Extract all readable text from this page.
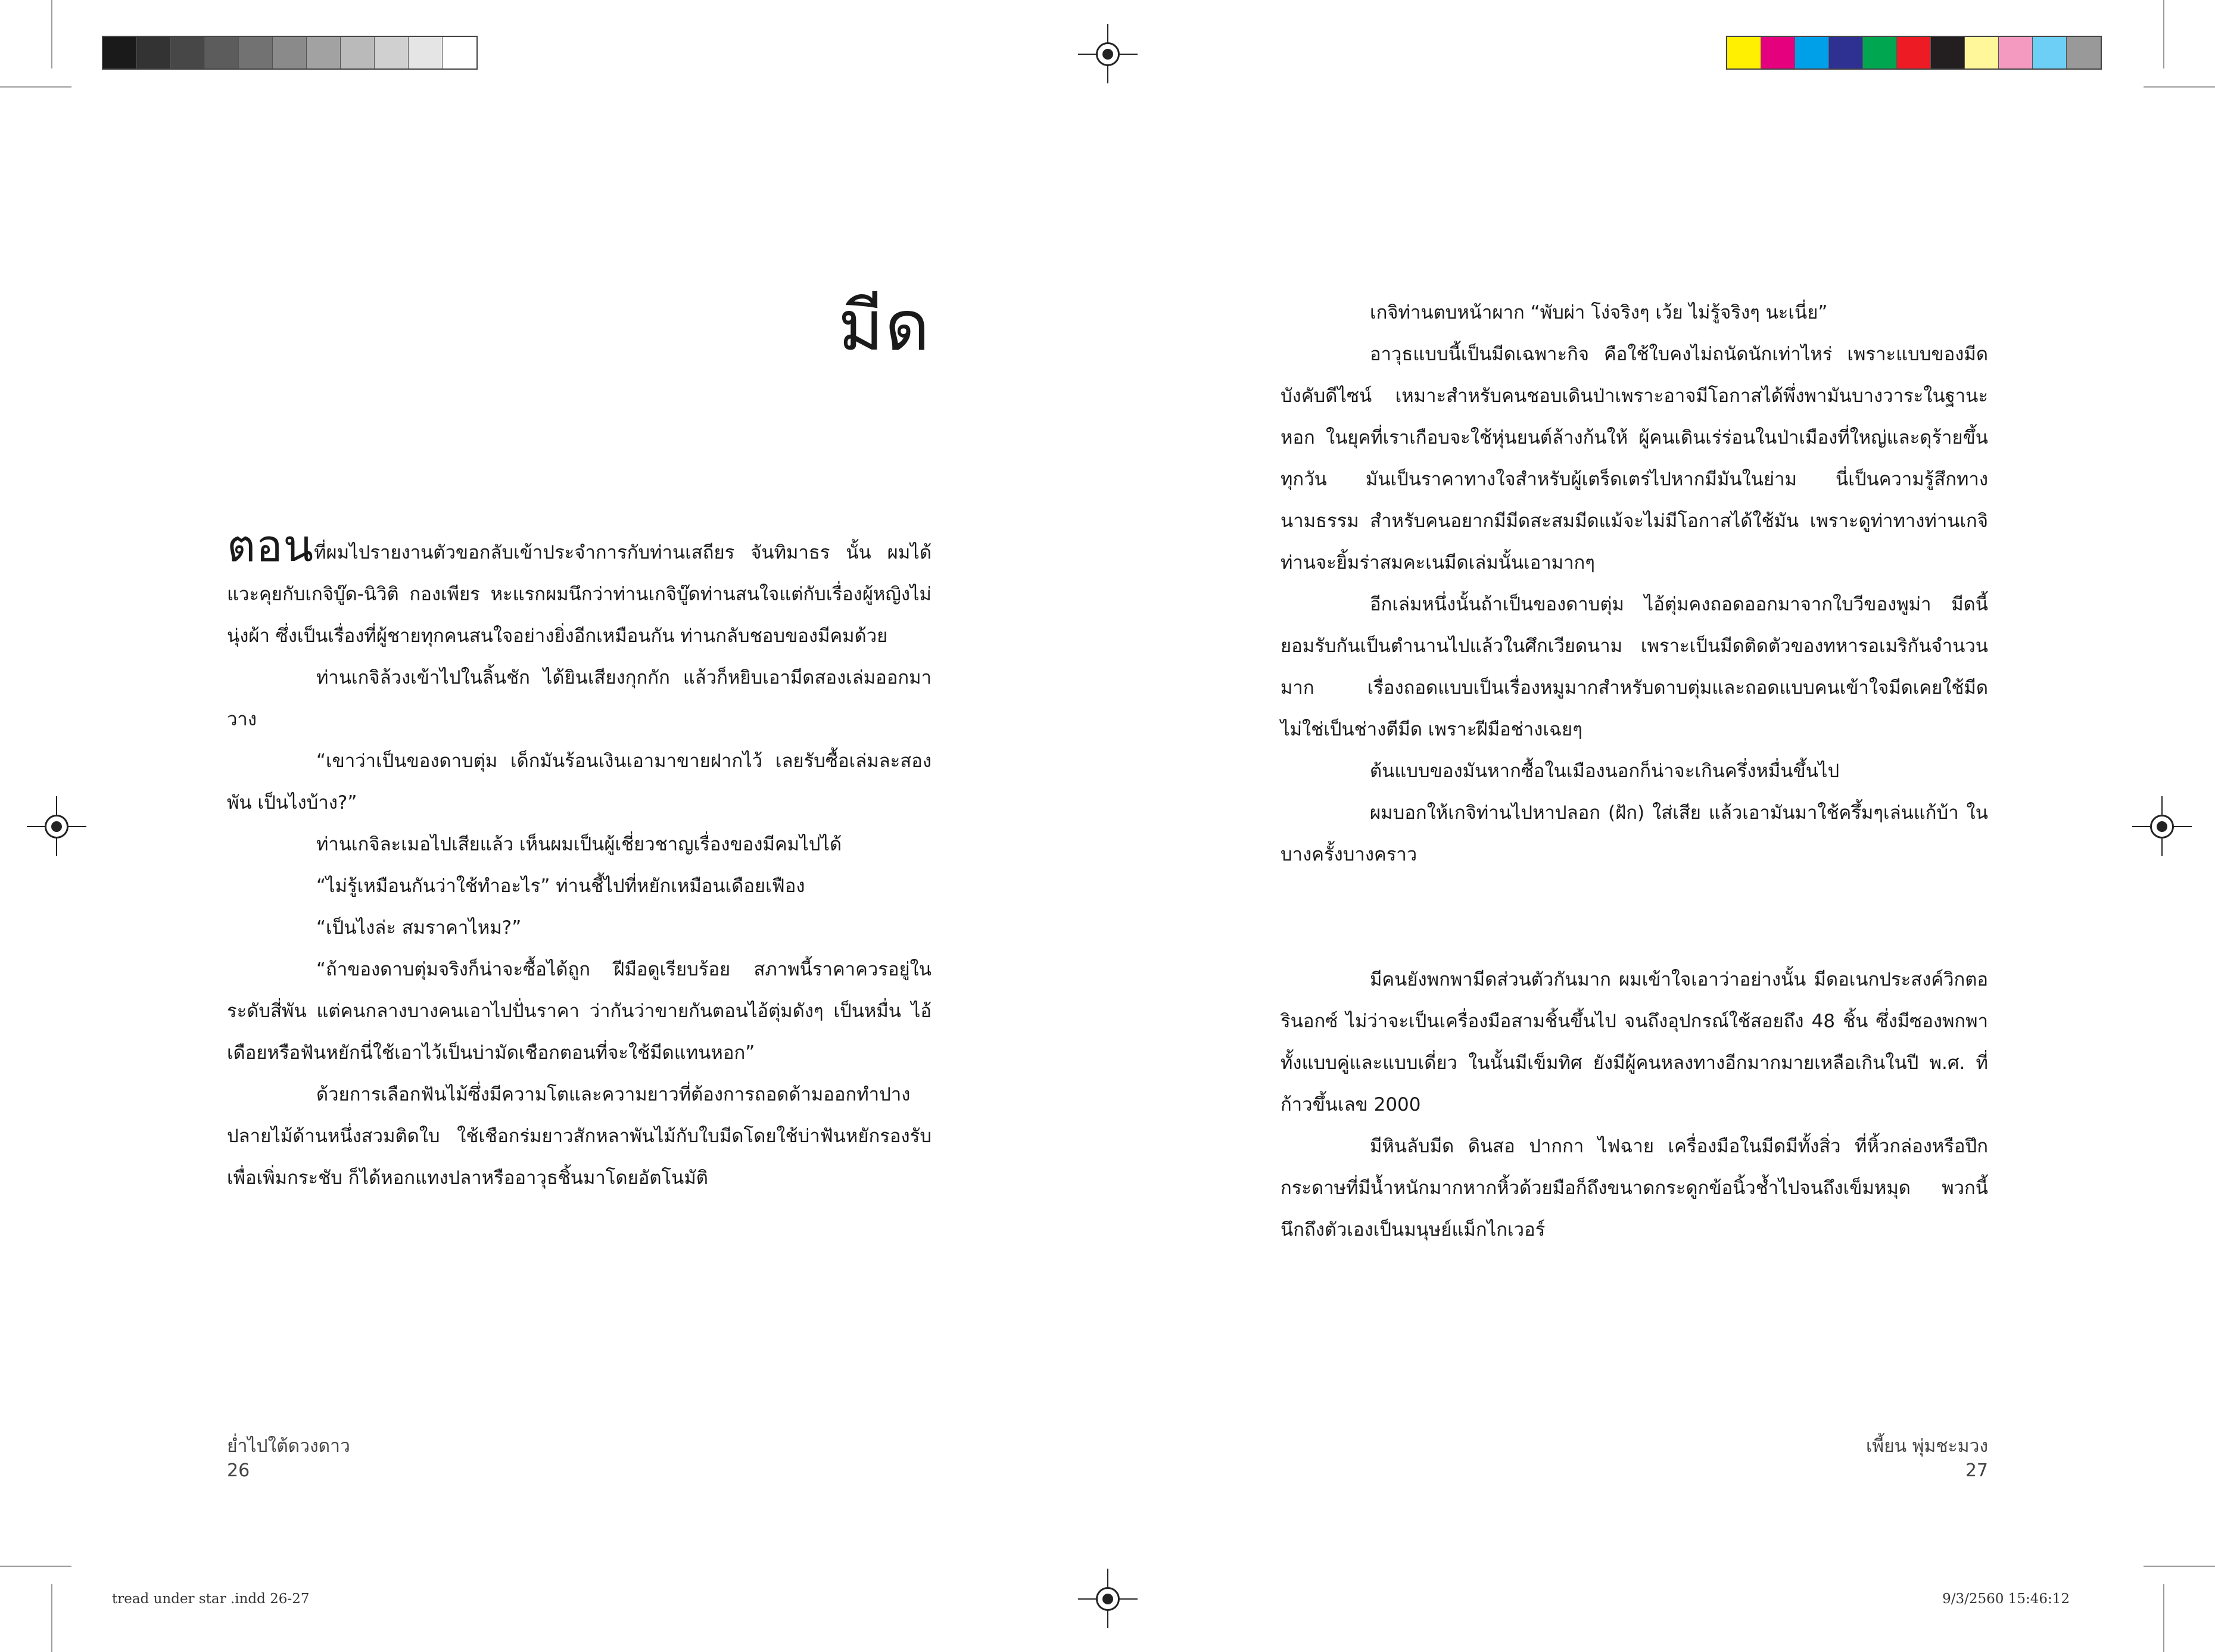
มีด

ตอนที่ผมไปรายงานตัวขอกลับเข้าประจำการกับท่านเสถียร จันทิมาธร นั้น ผมได้แวะคุยกับเกจิบู๊ด-นิวิติ กองเพียร หะแรกผมนึกว่าท่านเกจิบู๊ดท่านสนใจแต่กับเรื่องผู้หญิงไม่นุ่งผ้า ซึ่งเป็นเรื่องที่ผู้ชายทุกคนสนใจอย่างยิ่งอีกเหมือนกัน ท่านกลับชอบของมีคมด้วย

ท่านเกจิล้วงเข้าไปในลิ้นชัก ได้ยินเสียงกุกกัก แล้วก็หยิบเอามีดสองเล่มออกมาวาง

“เขาว่าเป็นของดาบตุ่ม เด็กมันร้อนเงินเอามาขายฝากไว้ เลยรับซื้อเล่มละสองพัน เป็นไงบ้าง?”

ท่านเกจิละเมอไปเสียแล้ว เห็นผมเป็นผู้เชี่ยวชาญเรื่องของมีคมไปได้

“ไม่รู้เหมือนกันว่าใช้ทำอะไร” ท่านชี้ไปที่หยักเหมือนเดือยเฟือง

“เป็นไงล่ะ สมราคาไหม?”

“ถ้าของดาบตุ่มจริงก็น่าจะซื้อได้ถูก ฝีมือดูเรียบร้อย สภาพนี้ราคาควรอยู่ในระดับสี่พัน แต่คนกลางบางคนเอาไปปั่นราคา ว่ากันว่าขายกันตอนไอ้ตุ่มดังๆ เป็นหมื่น ไอ้เดือยหรือฟันหยักนี่ใช้เอาไว้เป็นบ่ามัดเชือกตอนที่จะใช้มีดแทนหอก”

ด้วยการเลือกฟันไม้ซึ่งมีความโตและความยาวที่ต้องการถอดด้ามออกทำปางปลายไม้ด้านหนึ่งสวมติดใบ ใช้เชือกร่มยาวสักหลาพันไม้กับใบมีดโดยใช้บ่าฟันหยักรองรับเพื่อเพิ่มกระชับ ก็ได้หอกแทงปลาหรืออาวุธชิ้นมาโดยอัตโนมัติ

ย่ำไปใต้ดวงดาว
26

เกจิท่านตบหน้าผาก “พับผ่า โง่จริงๆ เว้ย ไม่รู้จริงๆ นะเนี่ย”

อาวุธแบบนี้เป็นมีดเฉพาะกิจ คือใช้ใบคงไม่ถนัดนักเท่าไหร่ เพราะแบบของมีดบังคับดีไซน์ เหมาะสำหรับคนชอบเดินป่าเพราะอาจมีโอกาสได้พึ่งพามันบางวาระในฐานะหอก ในยุคที่เราเกือบจะใช้หุ่นยนต์ล้างก้นให้ ผู้คนเดินเร่ร่อนในป่าเมืองที่ใหญ่และดุร้ายขึ้นทุกวัน มันเป็นราคาทางใจสำหรับผู้เตร็ดเตร่ไปหากมีมันในย่าม นี่เป็นความรู้สึกทางนามธรรม สำหรับคนอยากมีมีดสะสมมีดแม้จะไม่มีโอกาสได้ใช้มัน เพราะดูท่าทางท่านเกจิท่านจะยิ้มร่าสมคะเนมีดเล่มนั้นเอามากๆ

อีกเล่มหนึ่งนั้นถ้าเป็นของดาบตุ่ม ไอ้ตุ่มคงถอดออกมาจากใบวีของพูม่า มีดนี้ยอมรับกันเป็นตำนานไปแล้วในศึกเวียดนาม เพราะเป็นมีดติดตัวของทหารอเมริกันจำนวนมาก เรื่องถอดแบบเป็นเรื่องหมูมากสำหรับดาบตุ่มและถอดแบบคนเข้าใจมีดเคยใช้มีด ไม่ใช่เป็นช่างตีมีด เพราะฝีมือช่างเฉยๆ

ต้นแบบของมันหากซื้อในเมืองนอกก็น่าจะเกินครึ่งหมื่นขึ้นไป

ผมบอกให้เกจิท่านไปหาปลอก (ฝัก) ใส่เสีย แล้วเอามันมาใช้ครึ้มๆเล่นแก้บ้า ในบางครั้งบางคราว

มีคนยังพกพามีดส่วนตัวกันมาก ผมเข้าใจเอาว่าอย่างนั้น มีดอเนกประสงค์วิกตอรินอกซ์ ไม่ว่าจะเป็นเครื่องมือสามชิ้นขึ้นไป จนถึงอุปกรณ์ใช้สอยถึง 48 ชิ้น ซึ่งมีซองพกพาทั้งแบบคู่และแบบเดี่ยว ในนั้นมีเข็มทิศ ยังมีผู้คนหลงทางอีกมากมายเหลือเกินในปี พ.ศ. ที่ก้าวขึ้นเลข 2000

มีหินลับมีด ดินสอ ปากกา ไฟฉาย เครื่องมือในมีดมีทั้งสิ่ว ที่หิ้วกล่องหรือปึกกระดาษที่มีน้ำหนักมากหากหิ้วด้วยมือก็ถึงขนาดกระดูกข้อนิ้วช้ำไปจนถึงเข็มหมุด พวกนี้นึกถึงตัวเองเป็นมนุษย์แม็กไกเวอร์

เพี้ยน พุ่มชะมวง
27
tread under star .indd 26-27	9/3/2560 15:46:12
